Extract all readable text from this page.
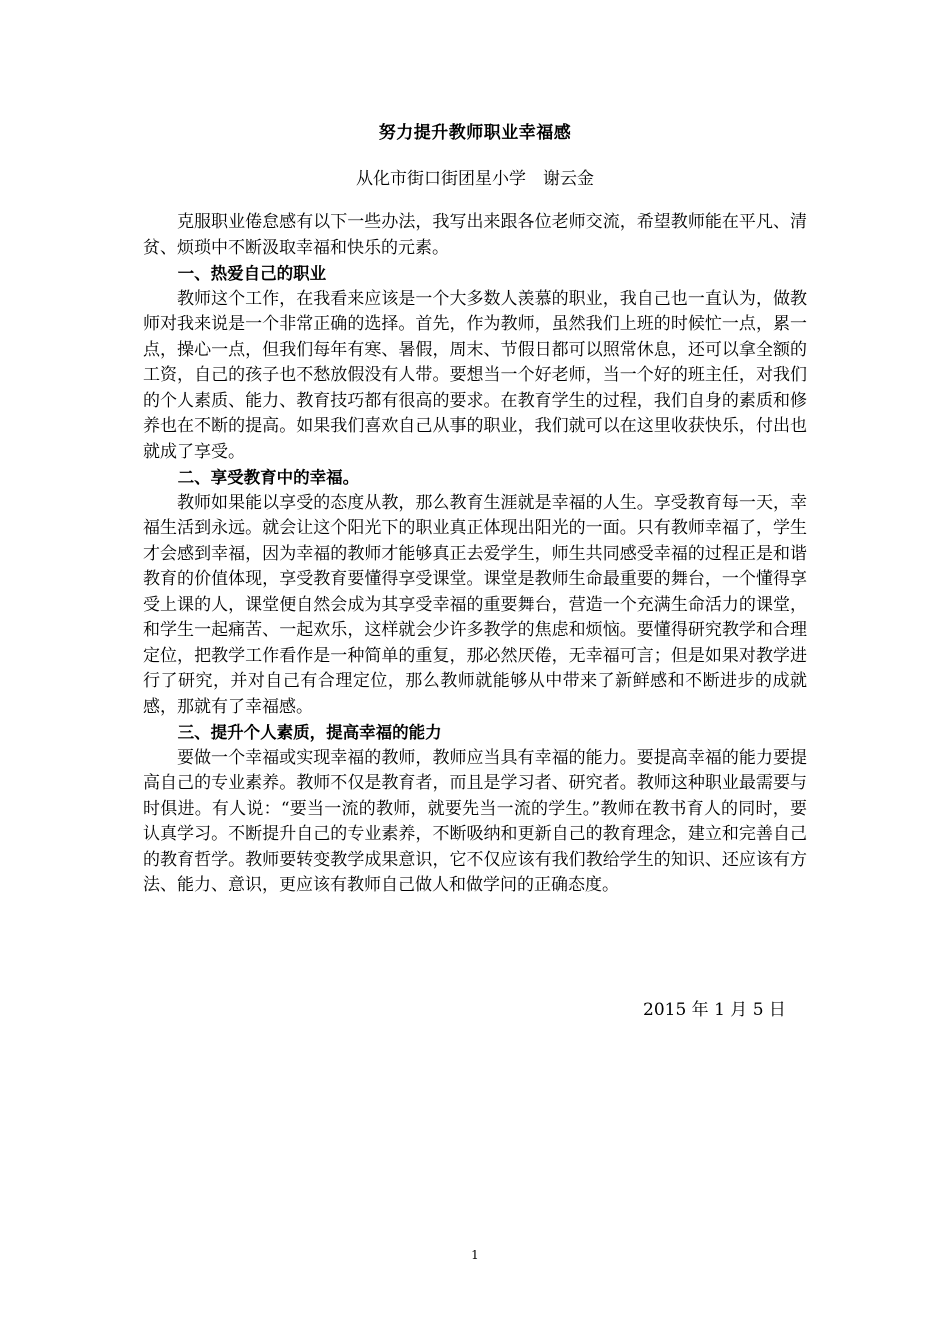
努力提升教师职业幸福感

从化市街口街团星小学　谢云金

克服职业倦怠感有以下一些办法，我写出来跟各位老师交流，希望教师能在平凡、清贫、烦琐中不断汲取幸福和快乐的元素。

一、热爱自己的职业

教师这个工作，在我看来应该是一个大多数人羡慕的职业，我自己也一直认为，做教师对我来说是一个非常正确的选择。首先，作为教师，虽然我们上班的时候忙一点，累一点，操心一点，但我们每年有寒、暑假，周末、节假日都可以照常休息，还可以拿全额的工资，自己的孩子也不愁放假没有人带。要想当一个好老师，当一个好的班主任，对我们的个人素质、能力、教育技巧都有很高的要求。在教育学生的过程，我们自身的素质和修养也在不断的提高。如果我们喜欢自己从事的职业，我们就可以在这里收获快乐，付出也就成了享受。

二、享受教育中的幸福。

教师如果能以享受的态度从教，那么教育生涯就是幸福的人生。享受教育每一天，幸福生活到永远。就会让这个阳光下的职业真正体现出阳光的一面。只有教师幸福了，学生才会感到幸福，因为幸福的教师才能够真正去爱学生，师生共同感受幸福的过程正是和谐教育的价值体现，享受教育要懂得享受课堂。课堂是教师生命最重要的舞台，一个懂得享受上课的人，课堂便自然会成为其享受幸福的重要舞台，营造一个充满生命活力的课堂，和学生一起痛苦、一起欢乐，这样就会少许多教学的焦虑和烦恼。要懂得研究教学和合理定位，把教学工作看作是一种简单的重复，那必然厌倦，无幸福可言；但是如果对教学进行了研究，并对自己有合理定位，那么教师就能够从中带来了新鲜感和不断进步的成就感，那就有了幸福感。

三、提升个人素质，提高幸福的能力

要做一个幸福或实现幸福的教师，教师应当具有幸福的能力。要提高幸福的能力要提高自己的专业素养。教师不仅是教育者，而且是学习者、研究者。教师这种职业最需要与时俱进。有人说：“要当一流的教师，就要先当一流的学生。”教师在教书育人的同时，要认真学习。不断提升自己的专业素养，不断吸纳和更新自己的教育理念，建立和完善自己的教育哲学。教师要转变教学成果意识，它不仅应该有我们教给学生的知识、还应该有方法、能力、意识，更应该有教师自己做人和做学问的正确态度。

2015 年 1 月 5 日
1
